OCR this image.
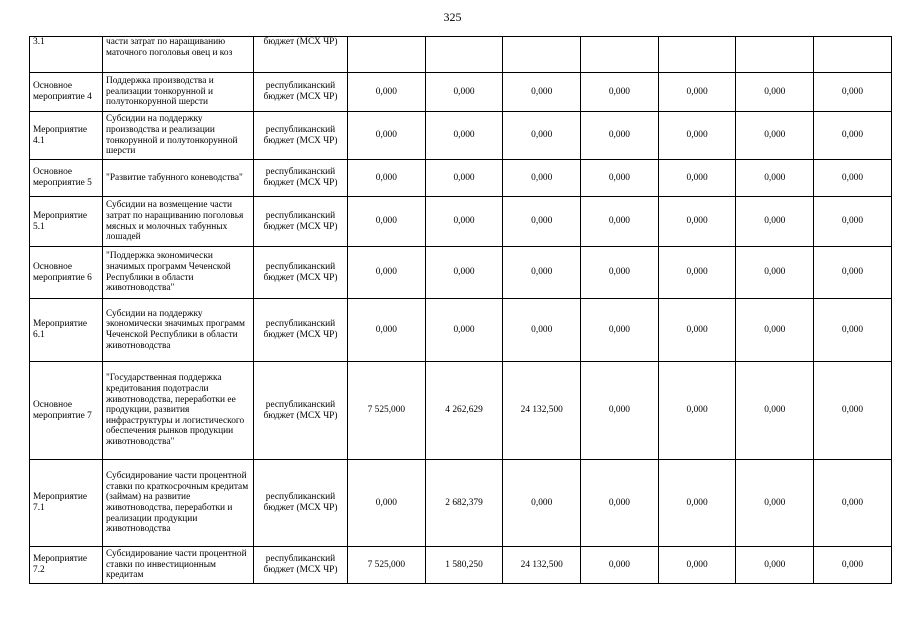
325
3.1	части затрат по наращиванию маточного поголовья овец и коз	бюджет (МСХ ЧР)							
Основное мероприятие 4	Поддержка производства и реализации тонкорунной и полутонкорунной шерсти	республиканский бюджет (МСХ ЧР)	0,000	0,000	0,000	0,000	0,000	0,000	0,000
Мероприятие 4.1	Субсидии на поддержку производства и реализации тонкорунной и полутонкорунной шерсти	республиканский бюджет (МСХ ЧР)	0,000	0,000	0,000	0,000	0,000	0,000	0,000
Основное мероприятие 5	"Развитие табунного коневодства"	республиканский бюджет (МСХ ЧР)	0,000	0,000	0,000	0,000	0,000	0,000	0,000
Мероприятие 5.1	Субсидии на возмещение части затрат по наращиванию поголовья мясных и молочных табунных лошадей	республиканский бюджет (МСХ ЧР)	0,000	0,000	0,000	0,000	0,000	0,000	0,000
Основное мероприятие 6	"Поддержка экономически значимых программ Чеченской Республики в области животноводства"	республиканский бюджет (МСХ ЧР)	0,000	0,000	0,000	0,000	0,000	0,000	0,000
Мероприятие 6.1	Субсидии на поддержку экономически значимых программ Чеченской Республики в области животноводства	республиканский бюджет (МСХ ЧР)	0,000	0,000	0,000	0,000	0,000	0,000	0,000
Основное мероприятие 7	"Государственная поддержка кредитования подотрасли животноводства, переработки ее продукции, развития инфраструктуры и логистического обеспечения рынков продукции животноводства"	республиканский бюджет (МСХ ЧР)	7 525,000	4 262,629	24 132,500	0,000	0,000	0,000	0,000
Мероприятие 7.1	Субсидирование части процентной ставки по краткосрочным кредитам (займам) на развитие животноводства, переработки и реализации продукции животноводства	республиканский бюджет (МСХ ЧР)	0,000	2 682,379	0,000	0,000	0,000	0,000	0,000
Мероприятие 7.2	Субсидирование части процентной ставки по инвестиционным кредитам	республиканский бюджет (МСХ ЧР)	7 525,000	1 580,250	24 132,500	0,000	0,000	0,000	0,000
